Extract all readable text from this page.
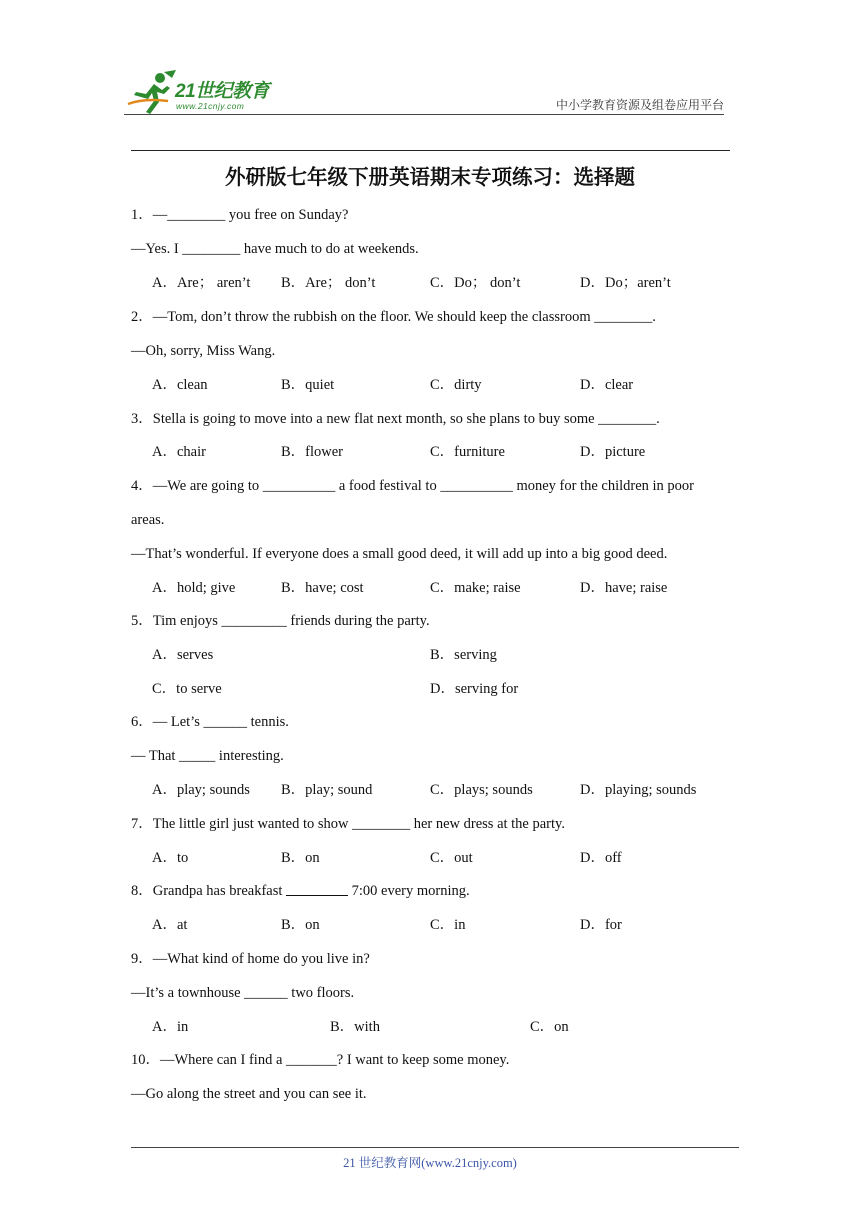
21世纪教育
www.21cnjy.com	中小学教育资源及组卷应用平台
外研版七年级下册英语期末专项练习：选择题
1．—________ you free on Sunday?
—Yes. I ________ have much to do at weekends.
A．Are； aren’t B．Are； don’t	C．Do； don’t	D．Do；aren’t
2．—Tom, don’t throw the rubbish on the floor. We should keep the classroom ________.
—Oh, sorry, Miss Wang.
A．clean	B．quiet	C．dirty	D．clear
3．Stella is going to move into a new flat next month, so she plans to buy some ________.
A．chair	B．flower	C．furniture	D．picture
4．—We are going to __________ a food festival to __________ money for the children in poor
areas.
—That’s wonderful. If everyone does a small good deed, it will add up into a big good deed.
A．hold; give	B．have; cost	C．make; raise	D．have; raise
5．Tim enjoys _________ friends during the party.
A．serves	B．serving
C．to serve	D．serving for
6．— Let’s ______ tennis.
— That _____ interesting.
A．play; sounds B．play; sound	C．plays; sounds	D．playing; sounds
7．The little girl just wanted to show ________ her new dress at the party.
A．to	B．on	C．out	D．off
8．Grandpa has breakfast	7:00 every morning.
A．at	B．on	C．in	D．for
9．—What kind of home do you live in?
—It’s a townhouse ______ two floors.
A．in	B．with	C．on
10．—Where can I find a _______? I want to keep some money.
—Go along the street and you can see it.
21 世纪教育网(www.21cnjy.com)
